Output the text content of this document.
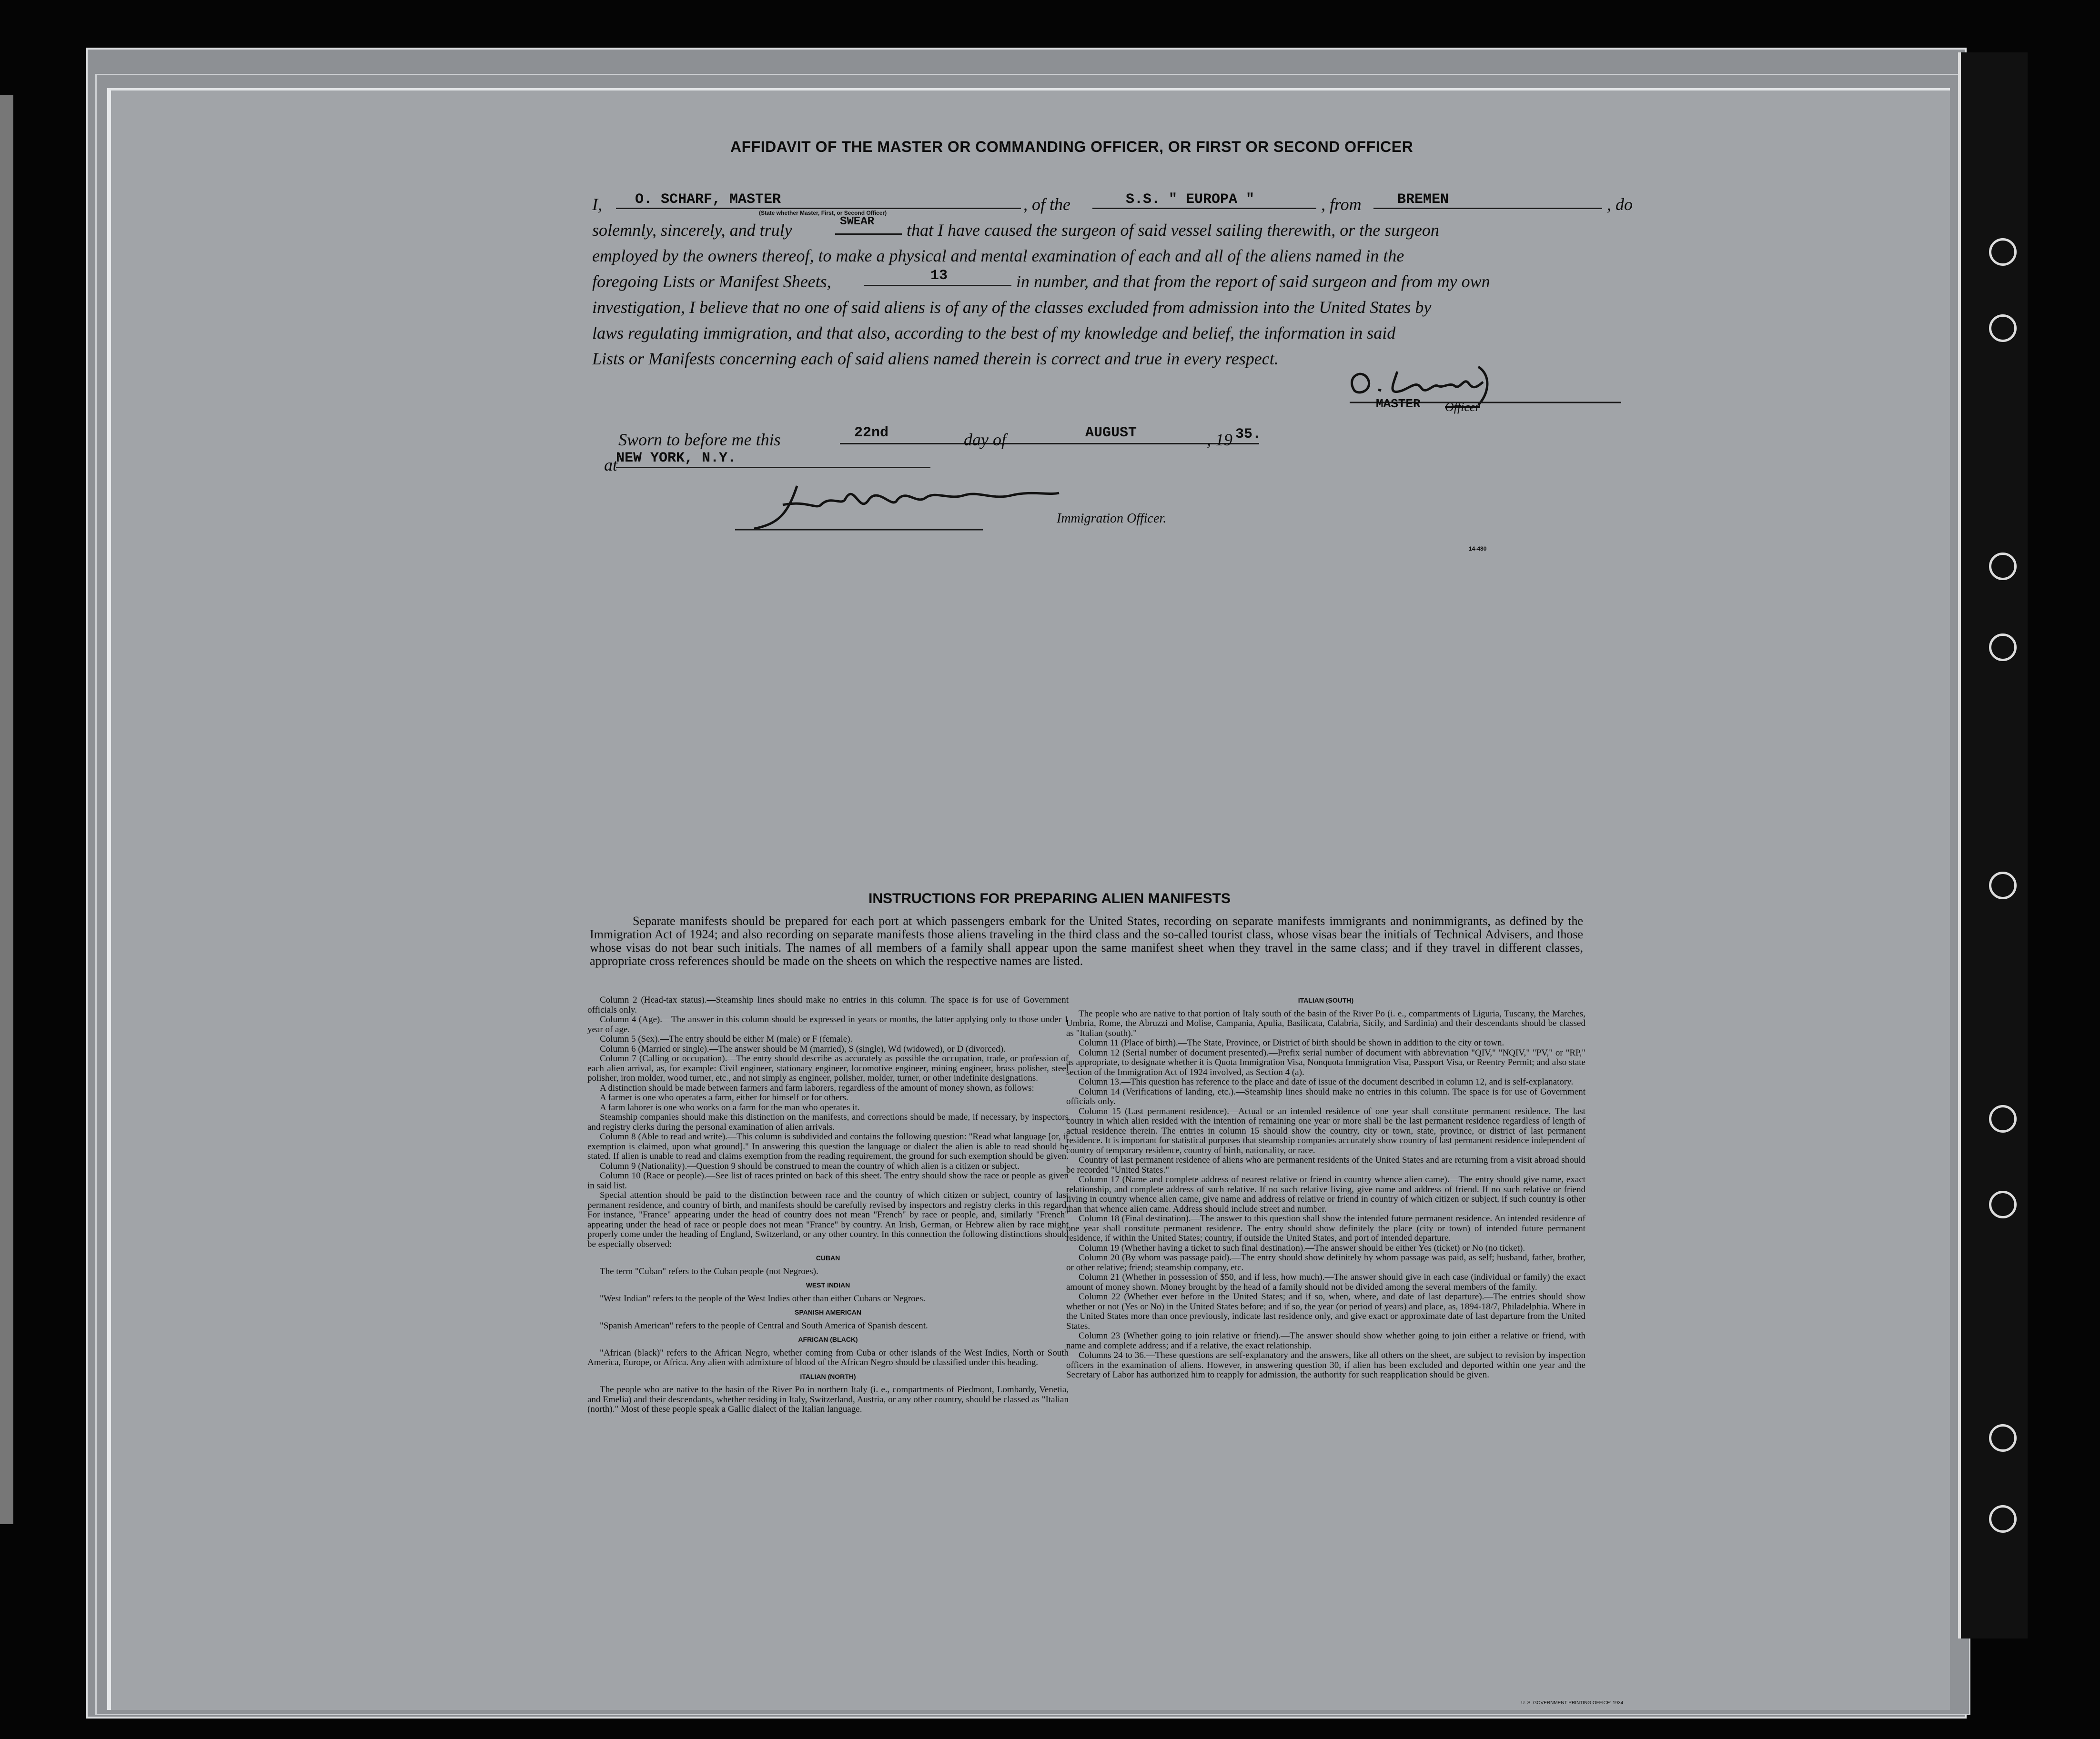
AFFIDAVIT OF THE MASTER OR COMMANDING OFFICER, OR FIRST OR SECOND OFFICER
I, O. SCHARF, MASTER	, of the	S.S. " EUROPA "	, from	BREMEN	, do
(State whether Master, First, or Second Officer)
solemnly, sincerely, and truly	SWEAR that I have caused the surgeon of said vessel sailing therewith, or the surgeon
employed by the owners thereof, to make a physical and mental examination of each and all of the aliens named in the
foregoing Lists or Manifest Sheets,	13	in number, and that from the report of said surgeon and from my own
investigation, I believe that no one of said aliens is of any of the classes excluded from admission into the United States by
laws regulating immigration, and that also, according to the best of my knowledge and belief, the information in said
Lists or Manifests concerning each of said aliens named therein is correct and true in every respect.
MASTER Officer
Sworn to before me this	22nd	day of	AUGUST	, 19 35.
at
NEW YORK, N.Y.
Immigration Officer.
14-480
INSTRUCTIONS FOR PREPARING ALIEN MANIFESTS
Separate manifests should be prepared for each port at which passengers embark for the United States, recording on separate manifests immigrants and nonimmigrants, as defined by the Immigration Act of 1924; and also recording on separate manifests those aliens traveling in the third class and the so-called tourist class, whose visas bear the initials of Technical Advisers, and those whose visas do not bear such initials. The names of all members of a family shall appear upon the same manifest sheet when they travel in the same class; and if they travel in different classes, appropriate cross references should be made on the sheets on which the respective names are listed.

Column 2 (Head-tax status).—Steamship lines should make no entries in this column. The space is for use of Government officials only.

Column 4 (Age).—The answer in this column should be expressed in years or months, the latter applying only to those under 1 year of age.

Column 5 (Sex).—The entry should be either M (male) or F (female).

Column 6 (Married or single).—The answer should be M (married), S (single), Wd (widowed), or D (divorced).

Column 7 (Calling or occupation).—The entry should describe as accurately as possible the occupation, trade, or profession of each alien arrival, as, for example: Civil engineer, stationary engineer, locomotive engineer, mining engineer, brass polisher, steel polisher, iron molder, wood turner, etc., and not simply as engineer, polisher, molder, turner, or other indefinite designations.

A distinction should be made between farmers and farm laborers, regardless of the amount of money shown, as follows:

A farmer is one who operates a farm, either for himself or for others.

A farm laborer is one who works on a farm for the man who operates it.

Steamship companies should make this distinction on the manifests, and corrections should be made, if necessary, by inspectors and registry clerks during the personal examination of alien arrivals.

Column 8 (Able to read and write).—This column is subdivided and contains the following question: "Read what language [or, if exemption is claimed, upon what ground]." In answering this question the language or dialect the alien is able to read should be stated. If alien is unable to read and claims exemption from the reading requirement, the ground for such exemption should be given.

Column 9 (Nationality).—Question 9 should be construed to mean the country of which alien is a citizen or subject.

Column 10 (Race or people).—See list of races printed on back of this sheet. The entry should show the race or people as given in said list.

Special attention should be paid to the distinction between race and the country of which citizen or subject, country of last permanent residence, and country of birth, and manifests should be carefully revised by inspectors and registry clerks in this regard. For instance, "France" appearing under the head of country does not mean "French" by race or people, and, similarly "French" appearing under the head of race or people does not mean "France" by country. An Irish, German, or Hebrew alien by race might properly come under the heading of England, Switzerland, or any other country. In this connection the following distinctions should be especially observed:

CUBAN

The term "Cuban" refers to the Cuban people (not Negroes).

WEST INDIAN

"West Indian" refers to the people of the West Indies other than either Cubans or Negroes.

SPANISH AMERICAN

"Spanish American" refers to the people of Central and South America of Spanish descent.

AFRICAN (BLACK)

"African (black)" refers to the African Negro, whether coming from Cuba or other islands of the West Indies, North or South America, Europe, or Africa. Any alien with admixture of blood of the African Negro should be classified under this heading.

ITALIAN (NORTH)

The people who are native to the basin of the River Po in northern Italy (i. e., compartments of Piedmont, Lombardy, Venetia, and Emelia) and their descendants, whether residing in Italy, Switzerland, Austria, or any other country, should be classed as "Italian (north)." Most of these people speak a Gallic dialect of the Italian language.

ITALIAN (SOUTH)

The people who are native to that portion of Italy south of the basin of the River Po (i. e., compartments of Liguria, Tuscany, the Marches, Umbria, Rome, the Abruzzi and Molise, Campania, Apulia, Basilicata, Calabria, Sicily, and Sardinia) and their descendants should be classed as "Italian (south)."

Column 11 (Place of birth).—The State, Province, or District of birth should be shown in addition to the city or town.

Column 12 (Serial number of document presented).—Prefix serial number of document with abbreviation "QIV," "NQIV," "PV," or "RP," as appropriate, to designate whether it is Quota Immigration Visa, Nonquota Immigration Visa, Passport Visa, or Reentry Permit; and also state section of the Immigration Act of 1924 involved, as Section 4 (a).

Column 13.—This question has reference to the place and date of issue of the document described in column 12, and is self-explanatory.

Column 14 (Verifications of landing, etc.).—Steamship lines should make no entries in this column. The space is for use of Government officials only.

Column 15 (Last permanent residence).—Actual or an intended residence of one year shall constitute permanent residence. The last country in which alien resided with the intention of remaining one year or more shall be the last permanent residence regardless of length of actual residence therein. The entries in column 15 should show the country, city or town, state, province, or district of last permanent residence. It is important for statistical purposes that steamship companies accurately show country of last permanent residence independent of country of temporary residence, country of birth, nationality, or race.

Country of last permanent residence of aliens who are permanent residents of the United States and are returning from a visit abroad should be recorded "United States."

Column 17 (Name and complete address of nearest relative or friend in country whence alien came).—The entry should give name, exact relationship, and complete address of such relative. If no such relative living, give name and address of friend. If no such relative or friend living in country whence alien came, give name and address of relative or friend in country of which citizen or subject, if such country is other than that whence alien came. Address should include street and number.

Column 18 (Final destination).—The answer to this question shall show the intended future permanent residence. An intended residence of one year shall constitute permanent residence. The entry should show definitely the place (city or town) of intended future permanent residence, if within the United States; country, if outside the United States, and port of intended departure.

Column 19 (Whether having a ticket to such final destination).—The answer should be either Yes (ticket) or No (no ticket).

Column 20 (By whom was passage paid).—The entry should show definitely by whom passage was paid, as self; husband, father, brother, or other relative; friend; steamship company, etc.

Column 21 (Whether in possession of $50, and if less, how much).—The answer should give in each case (individual or family) the exact amount of money shown. Money brought by the head of a family should not be divided among the several members of the family.

Column 22 (Whether ever before in the United States; and if so, when, where, and date of last departure).—The entries should show whether or not (Yes or No) in the United States before; and if so, the year (or period of years) and place, as, 1894-18/7, Philadelphia. Where in the United States more than once previously, indicate last residence only, and give exact or approximate date of last departure from the United States.

Column 23 (Whether going to join relative or friend).—The answer should show whether going to join either a relative or friend, with name and complete address; and if a relative, the exact relationship.

Columns 24 to 36.—These questions are self-explanatory and the answers, like all others on the sheet, are subject to revision by inspection officers in the examination of aliens. However, in answering question 30, if alien has been excluded and deported within one year and the Secretary of Labor has authorized him to reapply for admission, the authority for such reapplication should be given.

U. S. GOVERNMENT PRINTING OFFICE: 1934
